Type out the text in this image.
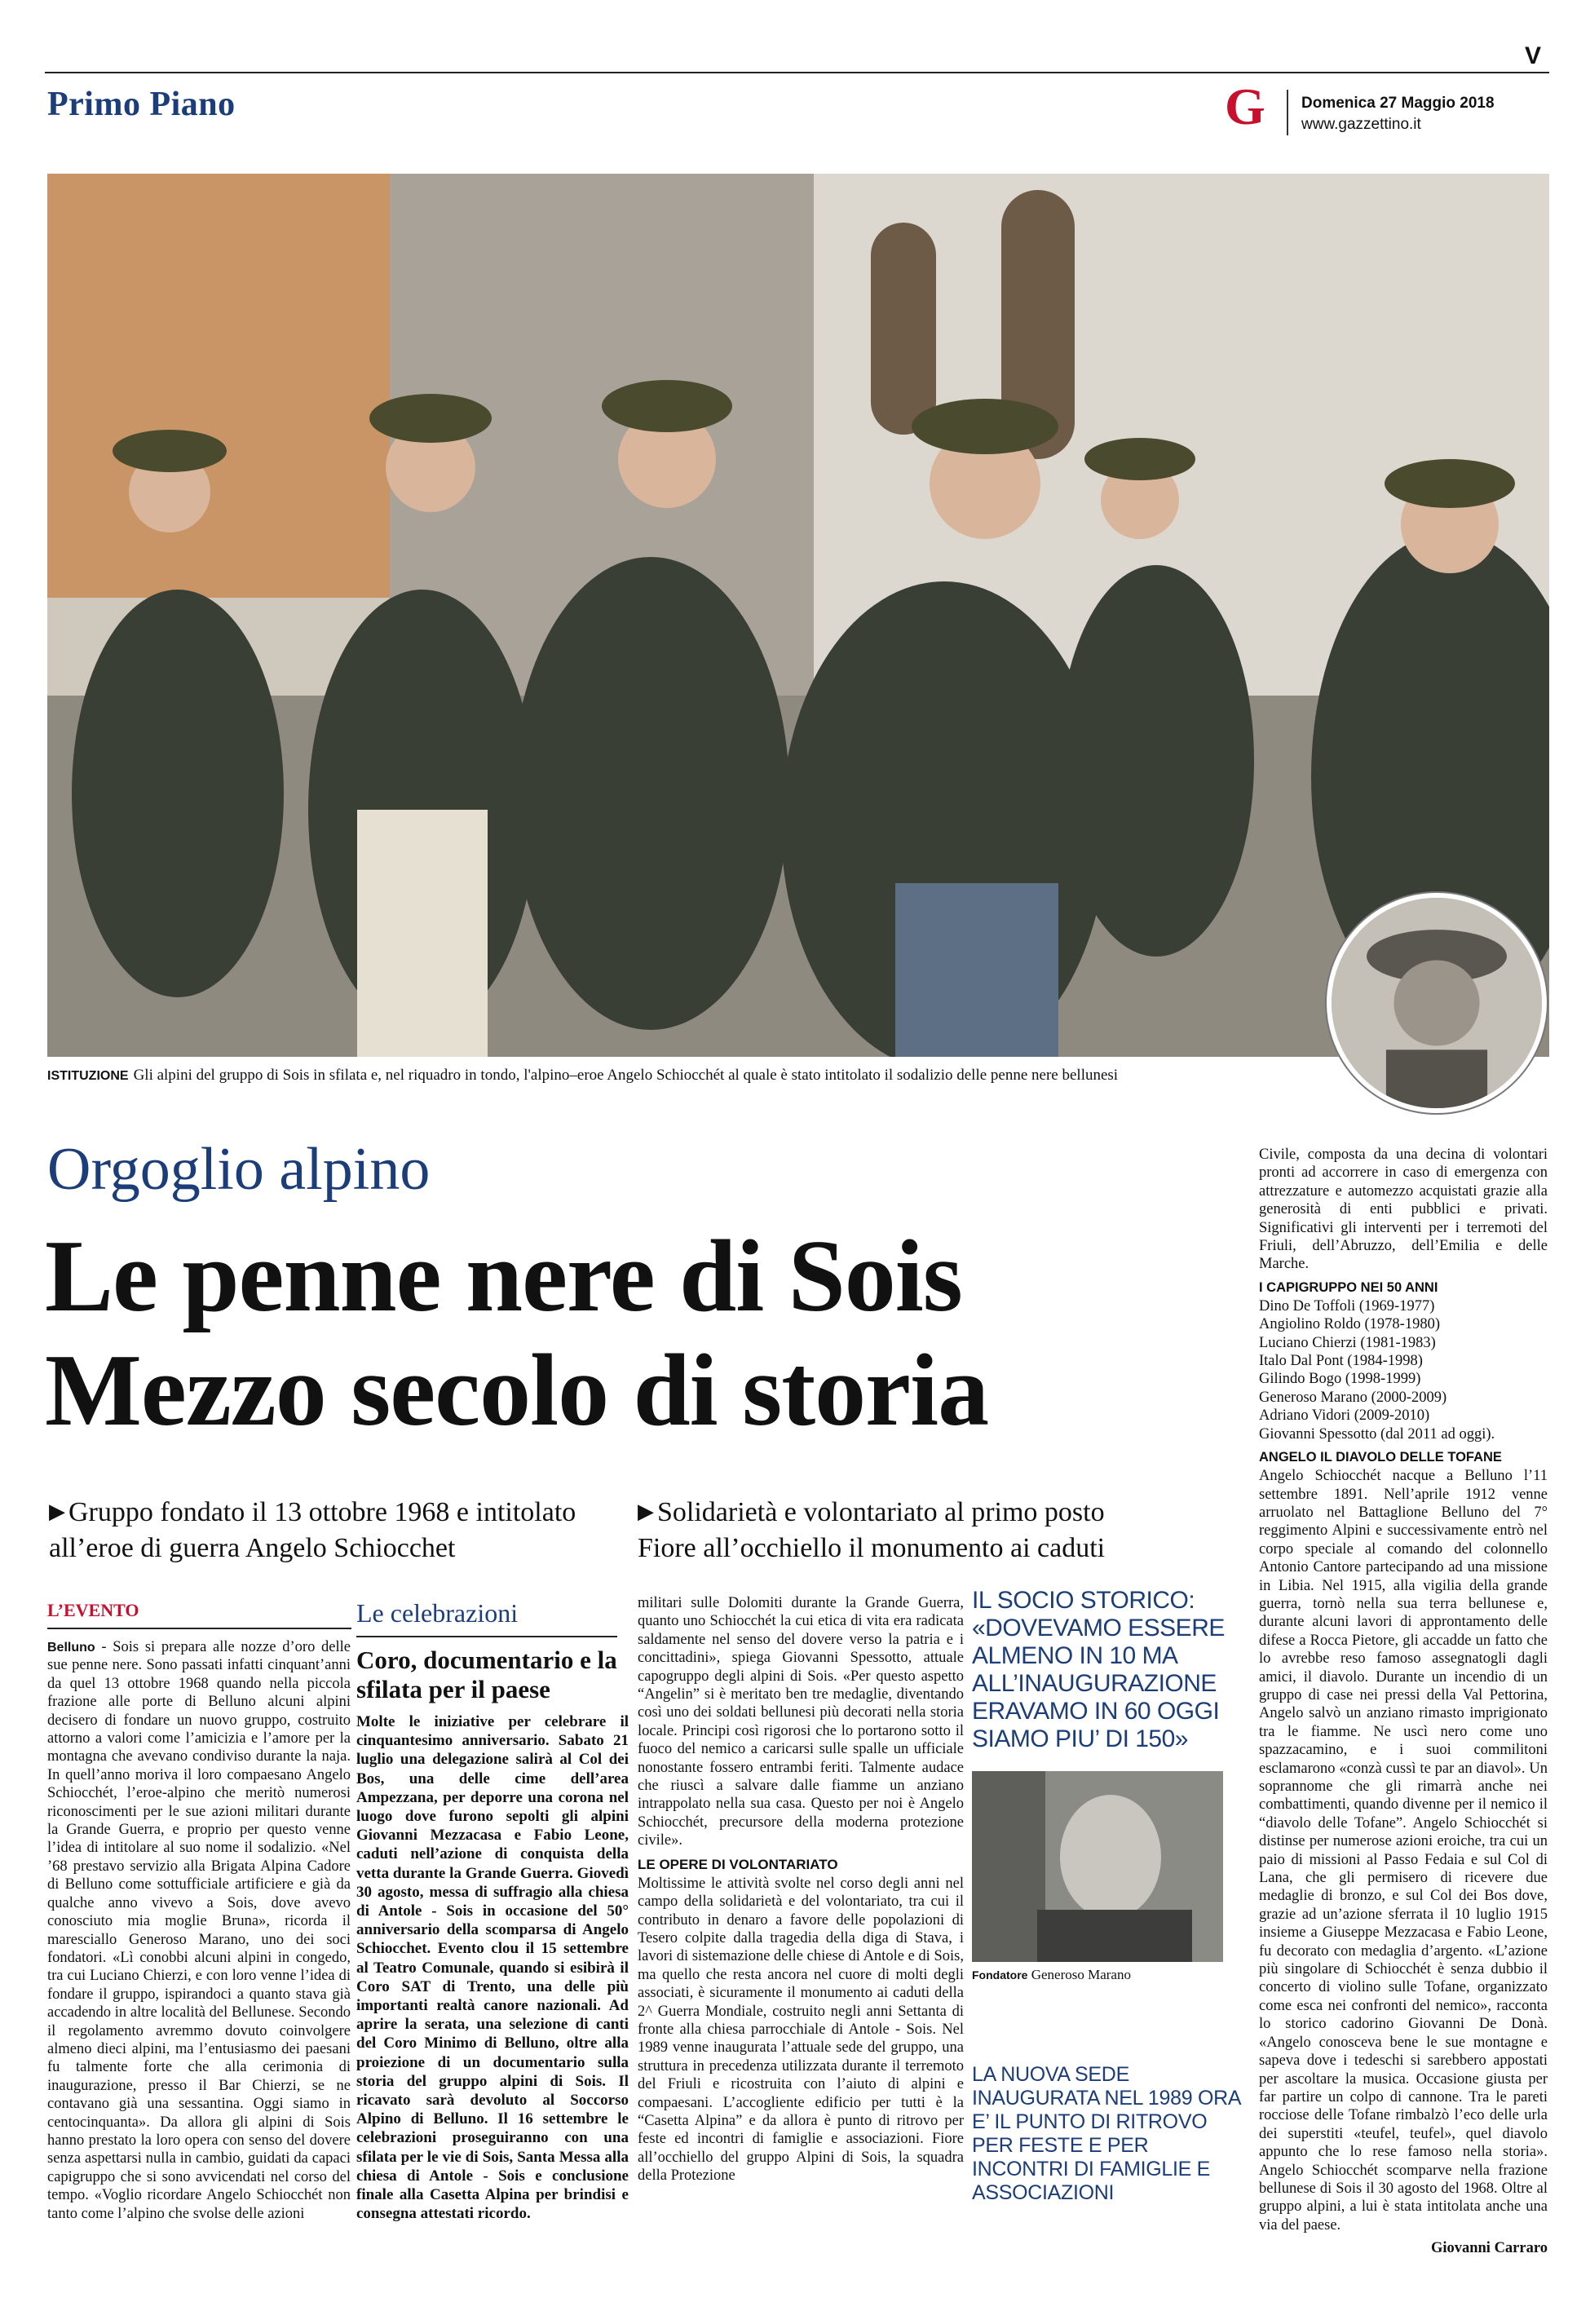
V
Primo Piano	G	Domenica 27 Maggio 2018
www.gazzettino.it
ISTITUZIONE Gli alpini del gruppo di Sois in sfilata e, nel riquadro in tondo, l'alpino–eroe Angelo Schiocchét al quale è stato intitolato il sodalizio delle penne nere bellunesi
Orgoglio alpino
Le penne nere di Sois
Mezzo secolo di storia
▶ Gruppo fondato il 13 ottobre 1968 e intitolato
all’eroe di guerra Angelo Schiocchet
▶ Solidarietà e volontariato al primo posto
Fiore all’occhiello il monumento ai caduti
L’EVENTO

Belluno - Sois si prepara alle nozze d’oro delle sue penne nere. Sono passati infatti cinquant’anni da quel 13 ottobre 1968 quando nella piccola frazione alle porte di Belluno alcuni alpini decisero di fondare un nuovo gruppo, costruito attorno a valori come l’amicizia e l’amore per la montagna che avevano condiviso durante la naja. In quell’anno moriva il loro compaesano Angelo Schiocchét, l’eroe-alpino che meritò numerosi riconoscimenti per le sue azioni militari durante la Grande Guerra, e proprio per questo venne l’idea di intitolare al suo nome il sodalizio. «Nel ’68 prestavo servizio alla Brigata Alpina Cadore di Belluno come sottufficiale artificiere e già da qualche anno vivevo a Sois, dove avevo conosciuto mia moglie Bruna», ricorda il maresciallo Generoso Marano, uno dei soci fondatori. «Lì conobbi alcuni alpini in congedo, tra cui Luciano Chierzi, e con loro venne l’idea di fondare il gruppo, ispirandoci a quanto stava già accadendo in altre località del Bellunese. Secondo il regolamento avremmo dovuto coinvolgere almeno dieci alpini, ma l’entusiasmo dei paesani fu talmente forte che alla cerimonia di inaugurazione, presso il Bar Chierzi, se ne contavano già una sessantina. Oggi siamo in centocinquanta». Da allora gli alpini di Sois hanno prestato la loro opera con senso del dovere senza aspettarsi nulla in cambio, guidati da capaci capigruppo che si sono avvicendati nel corso del tempo. «Voglio ricordare Angelo Schiocchét non tanto come l’alpino che svolse delle azioni

Le celebrazioni
Coro, documentario e la sfilata per il paese

Molte le iniziative per celebrare il cinquantesimo anniversario. Sabato 21 luglio una delegazione salirà al Col dei Bos, una delle cime dell’area Ampezzana, per deporre una corona nel luogo dove furono sepolti gli alpini Giovanni Mezzacasa e Fabio Leone, caduti nell’azione di conquista della vetta durante la Grande Guerra. Giovedì 30 agosto, messa di suffragio alla chiesa di Antole - Sois in occasione del 50° anniversario della scomparsa di Angelo Schiocchet. Evento clou il 15 settembre al Teatro Comunale, quando si esibirà il Coro SAT di Trento, una delle più importanti realtà canore nazionali. Ad aprire la serata, una selezione di canti del Coro Minimo di Belluno, oltre alla proiezione di un documentario sulla storia del gruppo alpini di Sois. Il ricavato sarà devoluto al Soccorso Alpino di Belluno. Il 16 settembre le celebrazioni proseguiranno con una sfilata per le vie di Sois, Santa Messa alla chiesa di Antole - Sois e conclusione finale alla Casetta Alpina per brindisi e consegna attestati ricordo.

militari sulle Dolomiti durante la Grande Guerra, quanto uno Schiocchét la cui etica di vita era radicata saldamente nel senso del dovere verso la patria e i concittadini», spiega Giovanni Spessotto, attuale capogruppo degli alpini di Sois. «Per questo aspetto “Angelin” si è meritato ben tre medaglie, diventando così uno dei soldati bellunesi più decorati nella storia locale. Principi così rigorosi che lo portarono sotto il fuoco del nemico a caricarsi sulle spalle un ufficiale nonostante fossero entrambi feriti. Talmente audace che riuscì a salvare dalle fiamme un anziano intrappolato nella sua casa. Questo per noi è Angelo Schiocchét, precursore della moderna protezione civile».

LE OPERE DI VOLONTARIATO

Moltissime le attività svolte nel corso degli anni nel campo della solidarietà e del volontariato, tra cui il contributo in denaro a favore delle popolazioni di Tesero colpite dalla tragedia della diga di Stava, i lavori di sistemazione delle chiese di Antole e di Sois, ma quello che resta ancora nel cuore di molti degli associati, è sicuramente il monumento ai caduti della 2^ Guerra Mondiale, costruito negli anni Settanta di fronte alla chiesa parrocchiale di Antole - Sois. Nel 1989 venne inaugurata l’attuale sede del gruppo, una struttura in precedenza utilizzata durante il terremoto del Friuli e ricostruita con l’aiuto di alpini e compaesani. L’accogliente edificio per tutti è la “Casetta Alpina” e da allora è punto di ritrovo per feste ed incontri di famiglie e associazioni. Fiore all’occhiello del gruppo Alpini di Sois, la squadra della Protezione

IL SOCIO STORICO: «DOVEVAMO ESSERE ALMENO IN 10 MA ALL’INAUGURAZIONE ERAVAMO IN 60 OGGI SIAMO PIU’ DI 150»
Fondatore Generoso Marano
LA NUOVA SEDE INAUGURATA NEL 1989 ORA E’ IL PUNTO DI RITROVO PER FESTE E PER INCONTRI DI FAMIGLIE E ASSOCIAZIONI

Civile, composta da una decina di volontari pronti ad accorrere in caso di emergenza con attrezzature e automezzo acquistati grazie alla generosità di enti pubblici e privati. Significativi gli interventi per i terremoti del Friuli, dell’Abruzzo, dell’Emilia e delle Marche.

I CAPIGRUPPO NEI 50 ANNI
Dino De Toffoli (1969-1977)
Angiolino Roldo (1978-1980)
Luciano Chierzi (1981-1983)
Italo Dal Pont (1984-1998)
Gilindo Bogo (1998-1999)
Generoso Marano (2000-2009)
Adriano Vidori (2009-2010)
Giovanni Spessotto (dal 2011 ad oggi).
ANGELO IL DIAVOLO DELLE TOFANE

Angelo Schiocchét nacque a Belluno l’11 settembre 1891. Nell’aprile 1912 venne arruolato nel Battaglione Belluno del 7° reggimento Alpini e successivamente entrò nel corpo speciale al comando del colonnello Antonio Cantore partecipando ad una missione in Libia. Nel 1915, alla vigilia della grande guerra, tornò nella sua terra bellunese e, durante alcuni lavori di approntamento delle difese a Rocca Pietore, gli accadde un fatto che lo avrebbe reso famoso assegnatogli dagli amici, il diavolo. Durante un incendio di un gruppo di case nei pressi della Val Pettorina, Angelo salvò un anziano rimasto imprigionato tra le fiamme. Ne uscì nero come uno spazzacamino, e i suoi commilitoni esclamarono «conzà cussì te par an diavol». Un soprannome che gli rimarrà anche nei combattimenti, quando divenne per il nemico il “diavolo delle Tofane”. Angelo Schiocchét si distinse per numerose azioni eroiche, tra cui un paio di missioni al Passo Fedaia e sul Col di Lana, che gli permisero di ricevere due medaglie di bronzo, e sul Col dei Bos dove, grazie ad un’azione sferrata il 10 luglio 1915 insieme a Giuseppe Mezzacasa e Fabio Leone, fu decorato con medaglia d’argento. «L’azione più singolare di Schiocchét è senza dubbio il concerto di violino sulle Tofane, organizzato come esca nei confronti del nemico», racconta lo storico cadorino Giovanni De Donà. «Angelo conosceva bene le sue montagne e sapeva dove i tedeschi si sarebbero appostati per ascoltare la musica. Occasione giusta per far partire un colpo di cannone. Tra le pareti rocciose delle Tofane rimbalzò l’eco delle urla dei superstiti «teufel, teufel», quel diavolo appunto che lo rese famoso nella storia». Angelo Schiocchét scomparve nella frazione bellunese di Sois il 30 agosto del 1968. Oltre al gruppo alpini, a lui è stata intitolata anche una via del paese.

Giovanni Carraro
